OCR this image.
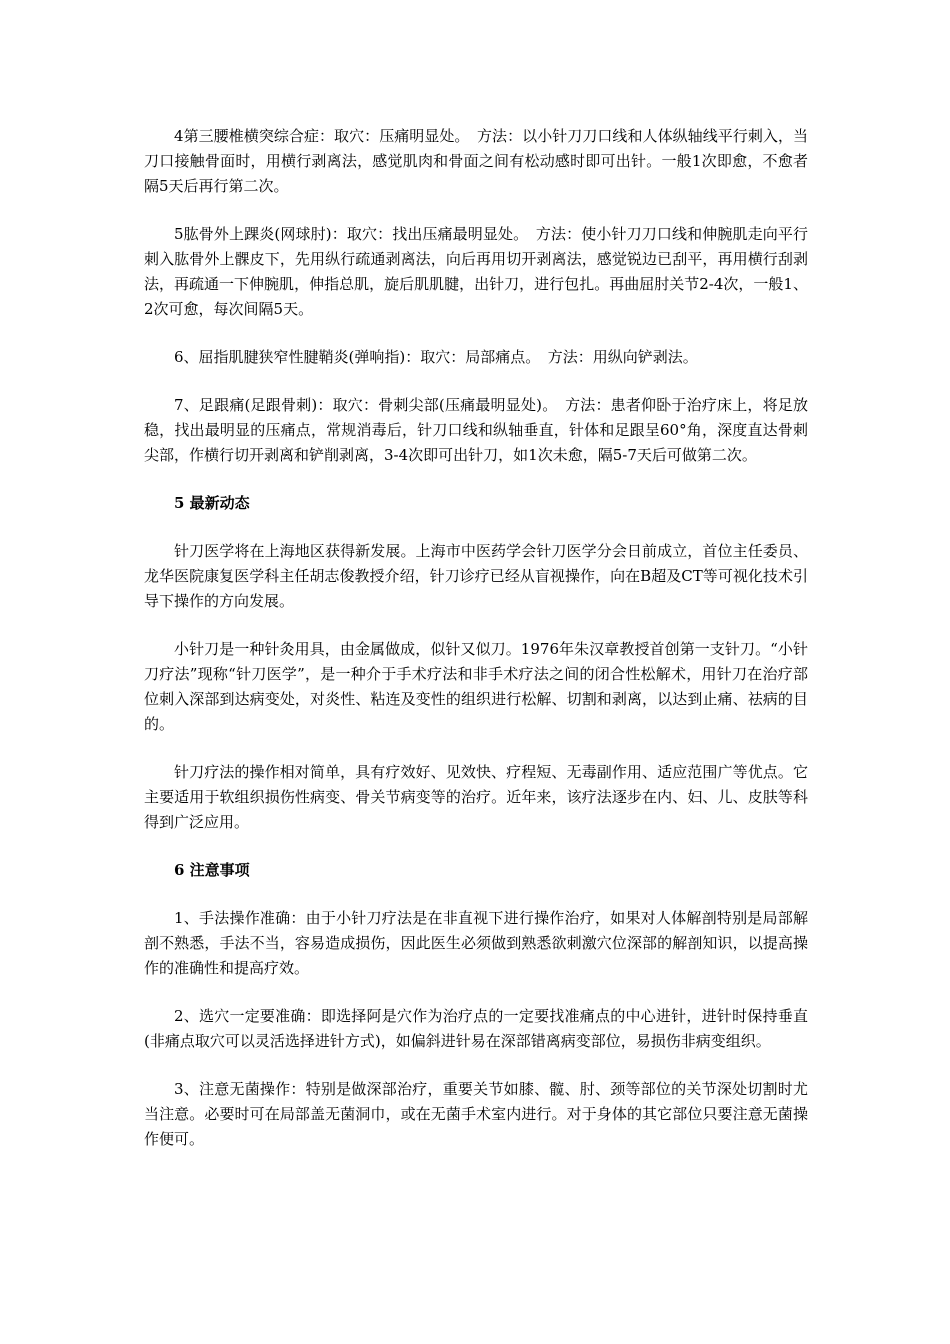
4第三腰椎横突综合症：取穴：压痛明显处。　方法：以小针刀刀口线和人体纵轴线平行刺入，当刀口接触骨面时，用横行剥离法，感觉肌肉和骨面之间有松动感时即可出针。一般1次即愈，不愈者隔5天后再行第二次。

5肱骨外上踝炎(网球肘)：取穴：找出压痛最明显处。　方法：使小针刀刀口线和伸腕肌走向平行刺入肱骨外上髁皮下，先用纵行疏通剥离法，向后再用切开剥离法，感觉锐边已刮平，再用横行刮剥法，再疏通一下伸腕肌，伸指总肌，旋后肌肌腱，出针刀，进行包扎。再曲屈肘关节2-4次，一般1、2次可愈，每次间隔5天。

6、屈指肌腱狭窄性腱鞘炎(弹响指)：取穴：局部痛点。　方法：用纵向铲剥法。

7、足跟痛(足跟骨刺)：取穴：骨刺尖部(压痛最明显处)。　方法：患者仰卧于治疗床上，将足放稳，找出最明显的压痛点，常规消毒后，针刀口线和纵轴垂直，针体和足跟呈60°角，深度直达骨刺尖部，作横行切开剥离和铲削剥离，3-4次即可出针刀，如1次未愈，隔5-7天后可做第二次。

5 最新动态

针刀医学将在上海地区获得新发展。上海市中医药学会针刀医学分会日前成立，首位主任委员、龙华医院康复医学科主任胡志俊教授介绍，针刀诊疗已经从盲视操作，向在B超及CT等可视化技术引导下操作的方向发展。

小针刀是一种针灸用具，由金属做成，似针又似刀。1976年朱汉章教授首创第一支针刀。“小针刀疗法”现称“针刀医学”，是一种介于手术疗法和非手术疗法之间的闭合性松解术，用针刀在治疗部位刺入深部到达病变处，对炎性、粘连及变性的组织进行松解、切割和剥离，以达到止痛、祛病的目的。

针刀疗法的操作相对简单，具有疗效好、见效快、疗程短、无毒副作用、适应范围广等优点。它主要适用于软组织损伤性病变、骨关节病变等的治疗。近年来，该疗法逐步在内、妇、儿、皮肤等科得到广泛应用。

6 注意事项

1、手法操作准确：由于小针刀疗法是在非直视下进行操作治疗，如果对人体解剖特别是局部解剖不熟悉，手法不当，容易造成损伤，因此医生必须做到熟悉欲刺激穴位深部的解剖知识，以提高操作的准确性和提高疗效。

2、选穴一定要准确：即选择阿是穴作为治疗点的一定要找准痛点的中心进针，进针时保持垂直(非痛点取穴可以灵活选择进针方式)，如偏斜进针易在深部错离病变部位，易损伤非病变组织。

3、注意无菌操作：特别是做深部治疗，重要关节如膝、髋、肘、颈等部位的关节深处切割时尤当注意。必要时可在局部盖无菌洞巾，或在无菌手术室内进行。对于身体的其它部位只要注意无菌操作便可。
